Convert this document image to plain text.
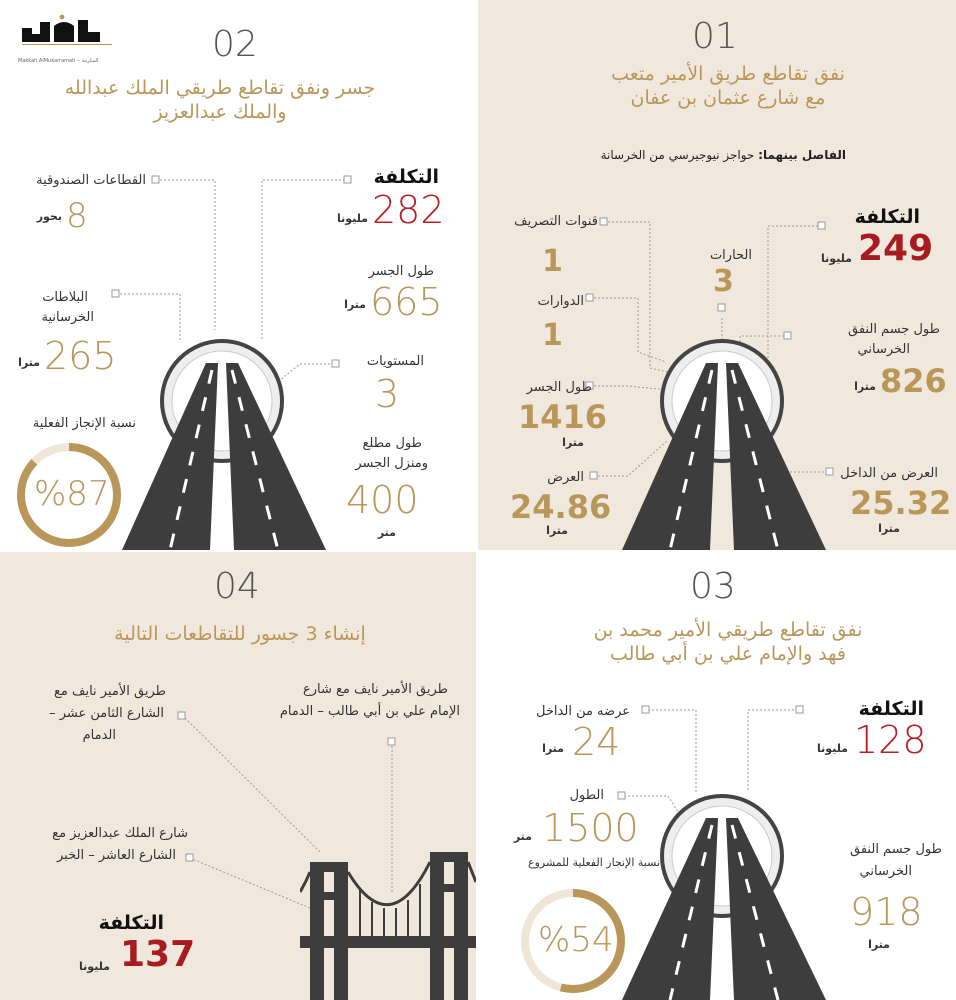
Makkah AlMukarramah ‒ المكرمة	02
جسر ونفق تقاطع طريقي الملك عبدالله
والملك عبدالعزيز
التكلفة
282
مليونا
طول الجسر
665
مترا
المستويات
3
طول مطلع
ومنزل الجسر
400
متر
القطاعات الصندوقية
8
بحور
البلاطات
الخرسانية
265
مترا
نسبة الإنجاز الفعلية
%87
01
نفق تقاطع طريق الأمير متعب
مع شارع عثمان بن عفان
الفاصل بينهما: حواجز نيوجيرسي من الخرسانة
التكلفة
249
مليونا
طول جسم النفق
الخرساني
826
مترا
العرض من الداخل
25.32
مترا
الحارات
3
قنوات التصريف
1
الدوارات
1
طول الجسر
1416
مترا
العرض
24.86
مترا
04
إنشاء 3 جسور للتقاطعات التالية
طريق الأمير نايف مع شارع
الإمام علي بن أبي طالب – الدمام
طريق الأمير نايف مع
الشارع الثامن عشر –
الدمام
شارع الملك عبدالعزيز مع
الشارع العاشر – الخبر
التكلفة
137
مليونا
03
نفق تقاطع طريقي الأمير محمد بن
فهد والإمام علي بن أبي طالب
التكلفة
128
مليونا
طول جسم النفق
الخرساني
918
مترا
عرضه من الداخل
24
مترا
الطول
1500
متر
نسبة الإنجاز الفعلية للمشروع
%54
